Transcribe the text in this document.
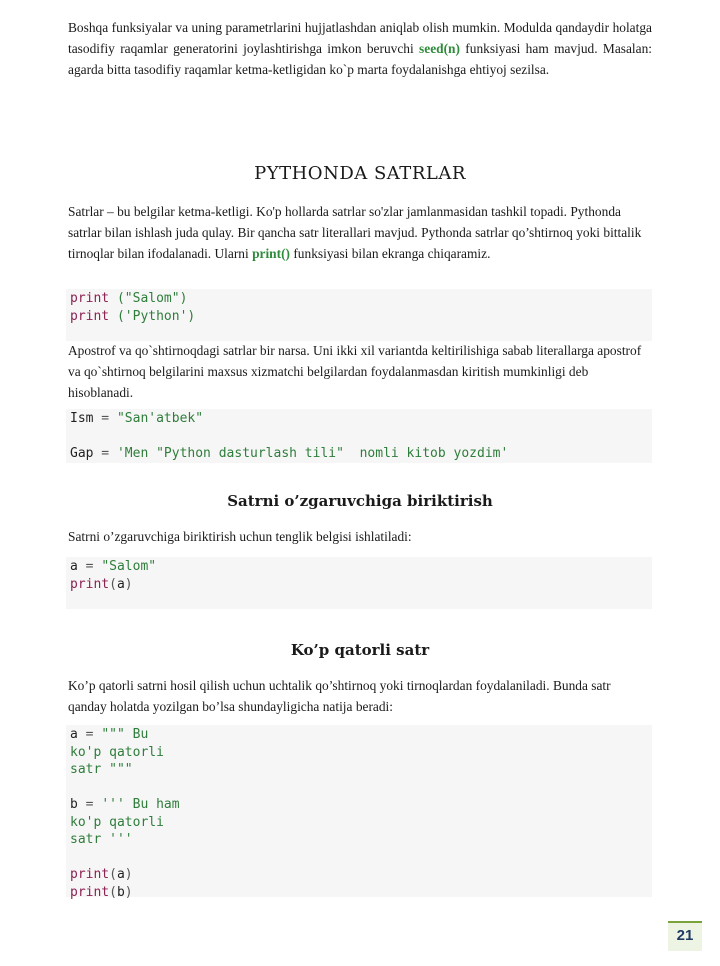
Boshqa funksiyalar va uning parametrlarini hujjatlashdan aniqlab olish mumkin. Modulda qandaydir holatga tasodifiy raqamlar generatorini joylashtirishga imkon beruvchi seed(n) funksiyasi ham mavjud. Masalan: agarda bitta tasodifiy raqamlar ketma-ketligidan ko`p marta foydalanishga ehtiyoj sezilsa.
PYTHONDA SATRLAR
Satrlar – bu belgilar ketma-ketligi. Ko'p hollarda satrlar so'zlar jamlanmasidan tashkil topadi. Pythonda satrlar bilan ishlash juda qulay. Bir qancha satr literallari mavjud. Pythonda satrlar qo’shtirnoq yoki bittalik tirnoqlar bilan ifodalanadi. Ularni print() funksiyasi bilan ekranga chiqaramiz.
print ("Salom")
print ('Python')
Apostrof va qo`shtirnoqdagi satrlar bir narsa. Uni ikki xil variantda keltirilishiga sabab literallarga apostrof va qo`shtirnoq belgilarini maxsus xizmatchi belgilardan foydalanmasdan kiritish mumkinligi deb hisoblanadi.
Ism = "San'atbek"
Gap = 'Men "Python dasturlash tili"  nomli kitob yozdim'
Satrni o’zgaruvchiga biriktirish
Satrni o’zgaruvchiga biriktirish uchun tenglik belgisi ishlatiladi:
a = "Salom"
print(a)
Ko’p qatorli satr
Ko’p qatorli satrni hosil qilish uchun uchtalik qo’shtirnoq yoki tirnoqlardan foydalaniladi. Bunda satr qanday holatda yozilgan bo’lsa shundayligicha natija beradi:
a = """ Bu
ko'p qatorli
satr """
b = ''' Bu ham
ko'p qatorli
satr '''
print(a)
print(b)
21
